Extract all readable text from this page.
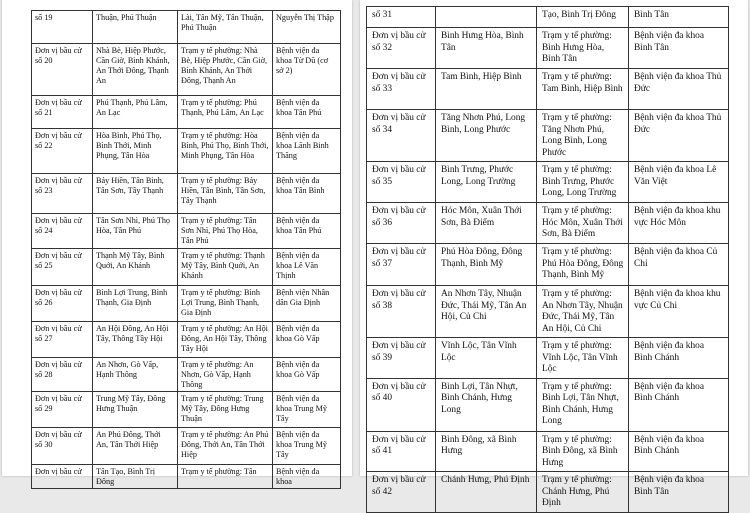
số 19	Thuận, Phú Thuận	Lài, Tân Mỹ, Tân Thuận, Phú Thuận	Nguyễn Thị Thập
Đơn vị bầu cử số 20	Nhà Bè, Hiệp Phước, Cần Giờ, Bình Khánh, An Thới Đông, Thạnh An	Trạm y tế phường: Nhà Bè, Hiệp Phước, Cần Giờ, Bình Khánh, An Thới Đông, Thạnh An	Bệnh viện đa khoa Từ Dũ (cơ sở 2)
Đơn vị bầu cử số 21	Phú Thạnh, Phú Lâm, An Lạc	Trạm y tế phường: Phú Thạnh, Phú Lâm, An Lạc	Bệnh viện đa khoa Tân Phú
Đơn vị bầu cử số 22	Hòa Bình, Phú Thọ, Bình Thới, Minh Phụng, Tân Hòa	Trạm y tế phường: Hòa Bình, Phú Thọ, Bình Thới, Minh Phụng, Tân Hòa	Bệnh viện đa khoa Lãnh Binh Thăng
Đơn vị bầu cử số 23	Bảy Hiền, Tân Bình, Tân Sơn, Tây Thạnh	Trạm y tế phường: Bảy Hiền, Tân Bình, Tân Sơn, Tây Thạnh	Bệnh viện đa khoa Tân Bình
Đơn vị bầu cử số 24	Tân Sơn Nhì, Phú Thọ Hòa, Tân Phú	Trạm y tế phường: Tân Sơn Nhì, Phú Thọ Hòa, Tân Phú	Bệnh viện đa khoa Tân Phú
Đơn vị bầu cử số 25	Thạnh Mỹ Tây, Bình Quới, An Khánh	Trạm y tế phường: Thạnh Mỹ Tây, Bình Quới, An Khánh	Bệnh viện đa khoa Lê Văn Thịnh
Đơn vị bầu cử số 26	Bình Lợi Trung, Bình Thạnh, Gia Định	Trạm y tế phường: Bình Lợi Trung, Bình Thạnh, Gia Định	Bệnh viện Nhân dân Gia Định
Đơn vị bầu cử số 27	An Hội Đông, An Hội Tây, Thông Tây Hội	Trạm y tế phường: An Hội Đông, An Hội Tây, Thông Tây Hội	Bệnh viện đa khoa Gò Vấp
Đơn vị bầu cử số 28	An Nhơn, Gò Vấp, Hạnh Thông	Trạm y tế phường: An Nhơn, Gò Vấp, Hạnh Thông	Bệnh viện đa khoa Gò Vấp
Đơn vị bầu cử số 29	Trung Mỹ Tây, Đông Hưng Thuận	Trạm y tế phường: Trung Mỹ Tây, Đông Hưng Thuận	Bệnh viện đa khoa Trung Mỹ Tây
Đơn vị bầu cử số 30	An Phú Đông, Thới An, Tân Thới Hiệp	Trạm y tế phường: An Phú Đông, Thới An, Tân Thới Hiệp	Bệnh viện đa khoa Trung Mỹ Tây
Đơn vị bầu cử	Tân Tạo, Bình Trị Đông	Trạm y tế phường: Tân	Bệnh viện đa khoa
số 31		Tạo, Bình Trị Đông	Bình Tân
Đơn vị bầu cử số 32	Bình Hưng Hòa, Bình Tân	Trạm y tế phường: Bình Hưng Hòa, Bình Tân	Bệnh viện đa khoa Bình Tân
Đơn vị bầu cử số 33	Tam Bình, Hiệp Bình	Trạm y tế phường: Tam Bình, Hiệp Bình	Bệnh viện đa khoa Thủ Đức
Đơn vị bầu cử số 34	Tăng Nhơn Phú, Long Bình, Long Phước	Trạm y tế phường: Tăng Nhơn Phú, Long Bình, Long Phước	Bệnh viện đa khoa Thủ Đức
Đơn vị bầu cử số 35	Bình Trưng, Phước Long, Long Trường	Trạm y tế phường: Bình Trưng, Phước Long, Long Trường	Bệnh viện đa khoa Lê Văn Việt
Đơn vị bầu cử số 36	Hóc Môn, Xuân Thới Sơn, Bà Điểm	Trạm y tế phường: Hóc Môn, Xuân Thới Sơn, Bà Điểm	Bệnh viện đa khoa khu vực Hóc Môn
Đơn vị bầu cử số 37	Phú Hòa Đông, Đông Thạnh, Bình Mỹ	Trạm y tế phường: Phú Hòa Đông, Đông Thạnh, Bình Mỹ	Bệnh viện đa khoa Củ Chi
Đơn vị bầu cử số 38	An Nhơn Tây, Nhuận Đức, Thái Mỹ, Tân An Hội, Củ Chi	Trạm y tế phường: An Nhơn Tây, Nhuận Đức, Thái Mỹ, Tân An Hội, Củ Chi	Bệnh viện đa khoa khu vực Củ Chi
Đơn vị bầu cử số 39	Vĩnh Lộc, Tân Vĩnh Lộc	Trạm y tế phường: Vĩnh Lộc, Tân Vĩnh Lộc	Bệnh viện đa khoa Bình Chánh
Đơn vị bầu cử số 40	Bình Lợi, Tân Nhựt, Bình Chánh, Hưng Long	Trạm y tế phường: Bình Lợi, Tân Nhựt, Bình Chánh, Hưng Long	Bệnh viện đa khoa Bình Chánh
Đơn vị bầu cử số 41	Bình Đông, xã Bình Hưng	Trạm y tế phường: Bình Đông, xã Bình Hưng	Bệnh viện đa khoa Bình Chánh
Đơn vị bầu cử số 42	Chánh Hưng, Phú Định	Trạm y tế phường: Chánh Hưng, Phú Định	Bệnh viện đa khoa Bình Tân
